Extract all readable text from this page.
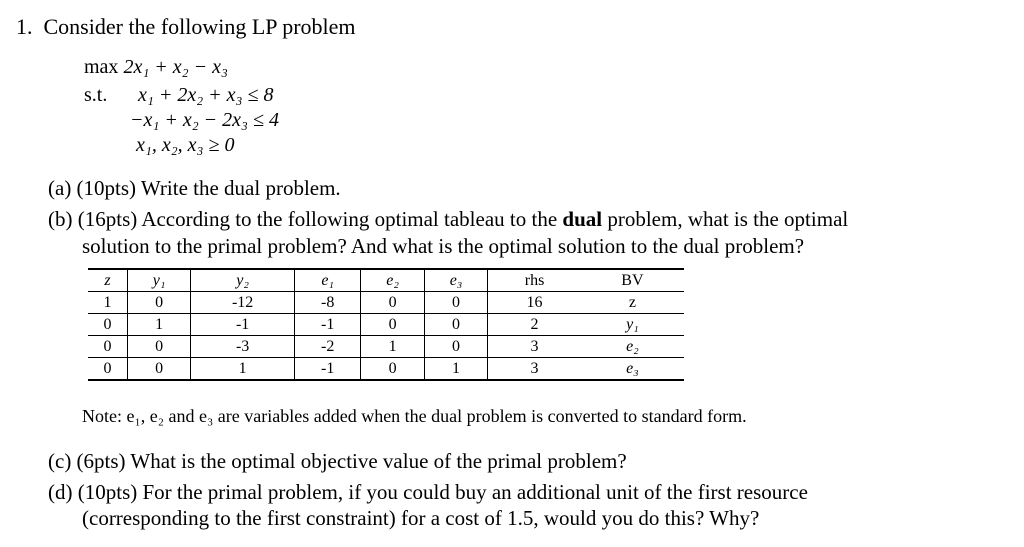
1. Consider the following LP problem
max 2x₁ + x₂ − x₃
s.t. x₁ + 2x₂ + x₃ ≤ 8
−x₁ + x₂ − 2x₃ ≤ 4
x₁, x₂, x₃ ≥ 0
(a) (10pts) Write the dual problem.
(b) (16pts) According to the following optimal tableau to the dual problem, what is the optimal
solution to the primal problem? And what is the optimal solution to the dual problem?
z	y₁	y₂	e₁	e₂	e₃	rhs	BV
1	0	-12	-8	0	0	16	z
0	1	-1	-1	0	0	2	y₁
0	0	-3	-2	1	0	3	e₂
0	0	1	-1	0	1	3	e₃
Note: e₁, e₂ and e₃ are variables added when the dual problem is converted to standard form.
(c) (6pts) What is the optimal objective value of the primal problem?
(d) (10pts) For the primal problem, if you could buy an additional unit of the first resource
(corresponding to the first constraint) for a cost of 1.5, would you do this? Why?
